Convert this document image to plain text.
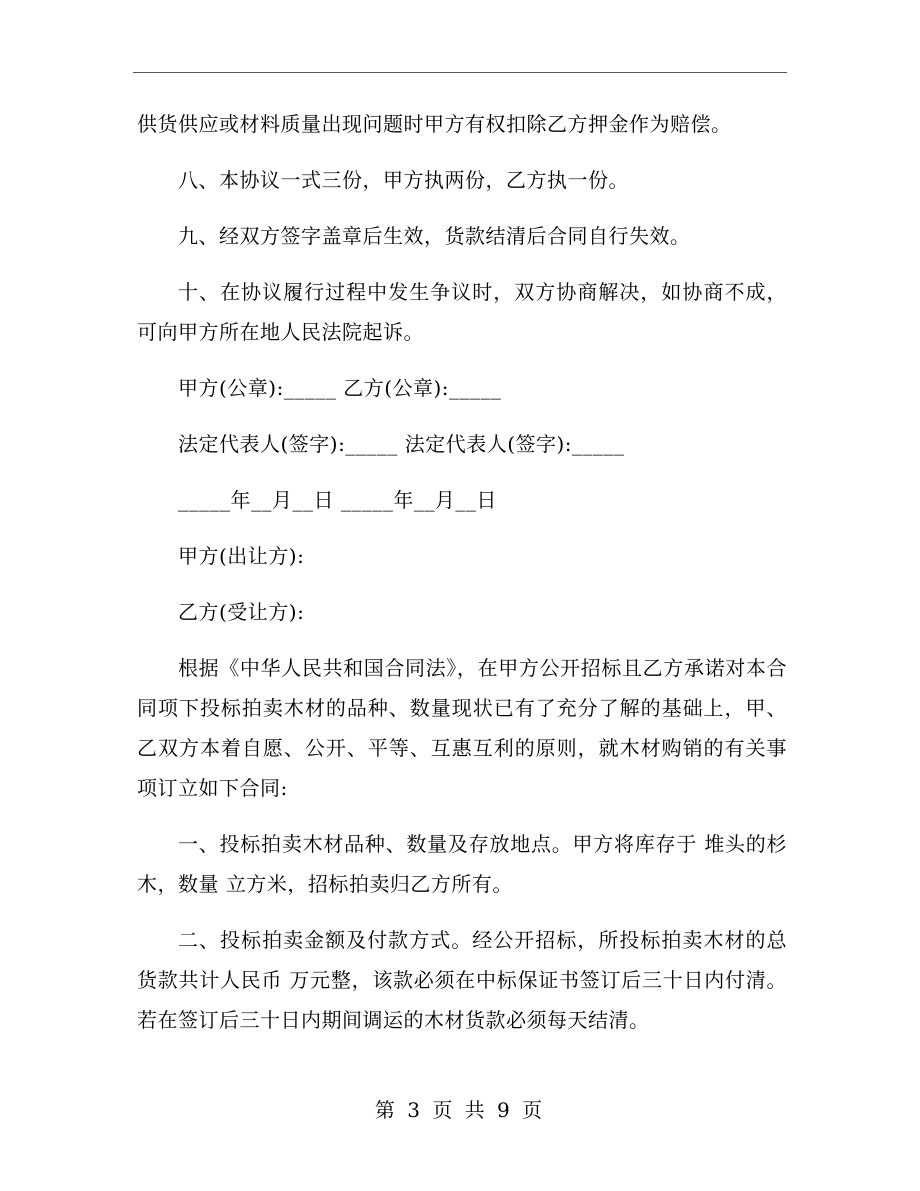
供货供应或材料质量出现问题时甲方有权扣除乙方押金作为赔偿。

八、本协议一式三份，甲方执两份，乙方执一份。

九、经双方签字盖章后生效，货款结清后合同自行失效。

十、在协议履行过程中发生争议时，双方协商解决，如协商不成，可向甲方所在地人民法院起诉。

甲方(公章):_____ 乙方(公章):_____

法定代表人(签字):_____ 法定代表人(签字):_____

_____年__月__日 _____年__月__日

甲方(出让方):

乙方(受让方):

根据《中华人民共和国合同法》，在甲方公开招标且乙方承诺对本合同项下投标拍卖木材的品种、数量现状已有了充分了解的基础上，甲、乙双方本着自愿、公开、平等、互惠互利的原则，就木材购销的有关事项订立如下合同:

一、投标拍卖木材品种、数量及存放地点。甲方将库存于 堆头的杉木，数量 立方米，招标拍卖归乙方所有。

二、投标拍卖金额及付款方式。经公开招标，所投标拍卖木材的总货款共计人民币 万元整，该款必须在中标保证书签订后三十日内付清。若在签订后三十日内期间调运的木材货款必须每天结清。

第 3 页 共 9 页
